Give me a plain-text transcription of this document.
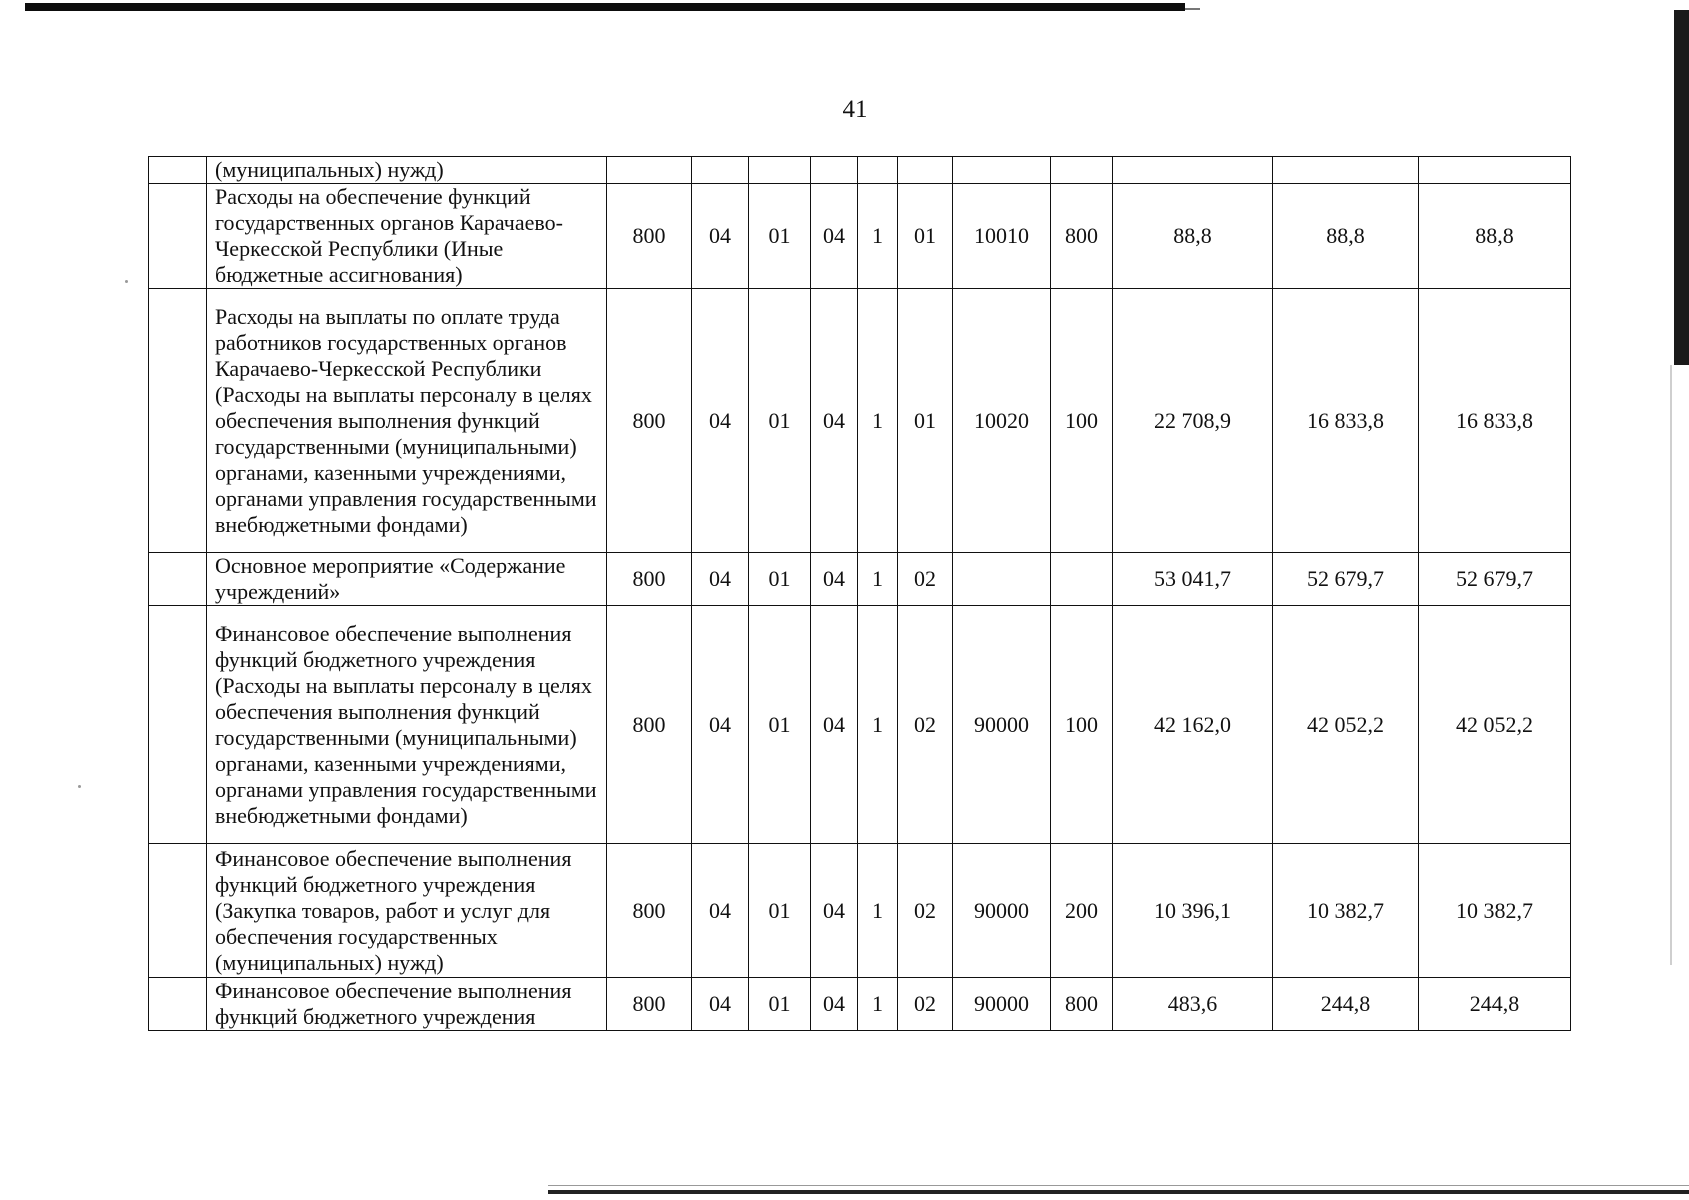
41
	(муниципальных) нужд)											
	Расходы на обеспечение функций государственных органов Карачаево-Черкесской Республики (Иные бюджетные ассигнования)	800	04	01	04	1	01	10010	800	88,8	88,8	88,8
	Расходы на выплаты по оплате труда работников государственных органов Карачаево-Черкесской Республики (Расходы на выплаты персоналу в целях обеспечения выполнения функций государственными (муниципальными) органами, казенными учреждениями, органами управления государственными внебюджетными фондами)	800	04	01	04	1	01	10020	100	22 708,9	16 833,8	16 833,8
	Основное мероприятие «Содержание учреждений»	800	04	01	04	1	02			53 041,7	52 679,7	52 679,7
	Финансовое обеспечение выполнения функций бюджетного учреждения (Расходы на выплаты персоналу в целях обеспечения выполнения функций государственными (муниципальными) органами, казенными учреждениями, органами управления государственными внебюджетными фондами)	800	04	01	04	1	02	90000	100	42 162,0	42 052,2	42 052,2
	Финансовое обеспечение выполнения функций бюджетного учреждения (Закупка товаров, работ и услуг для обеспечения государственных (муниципальных) нужд)	800	04	01	04	1	02	90000	200	10 396,1	10 382,7	10 382,7
	Финансовое обеспечение выполнения функций бюджетного учреждения	800	04	01	04	1	02	90000	800	483,6	244,8	244,8
